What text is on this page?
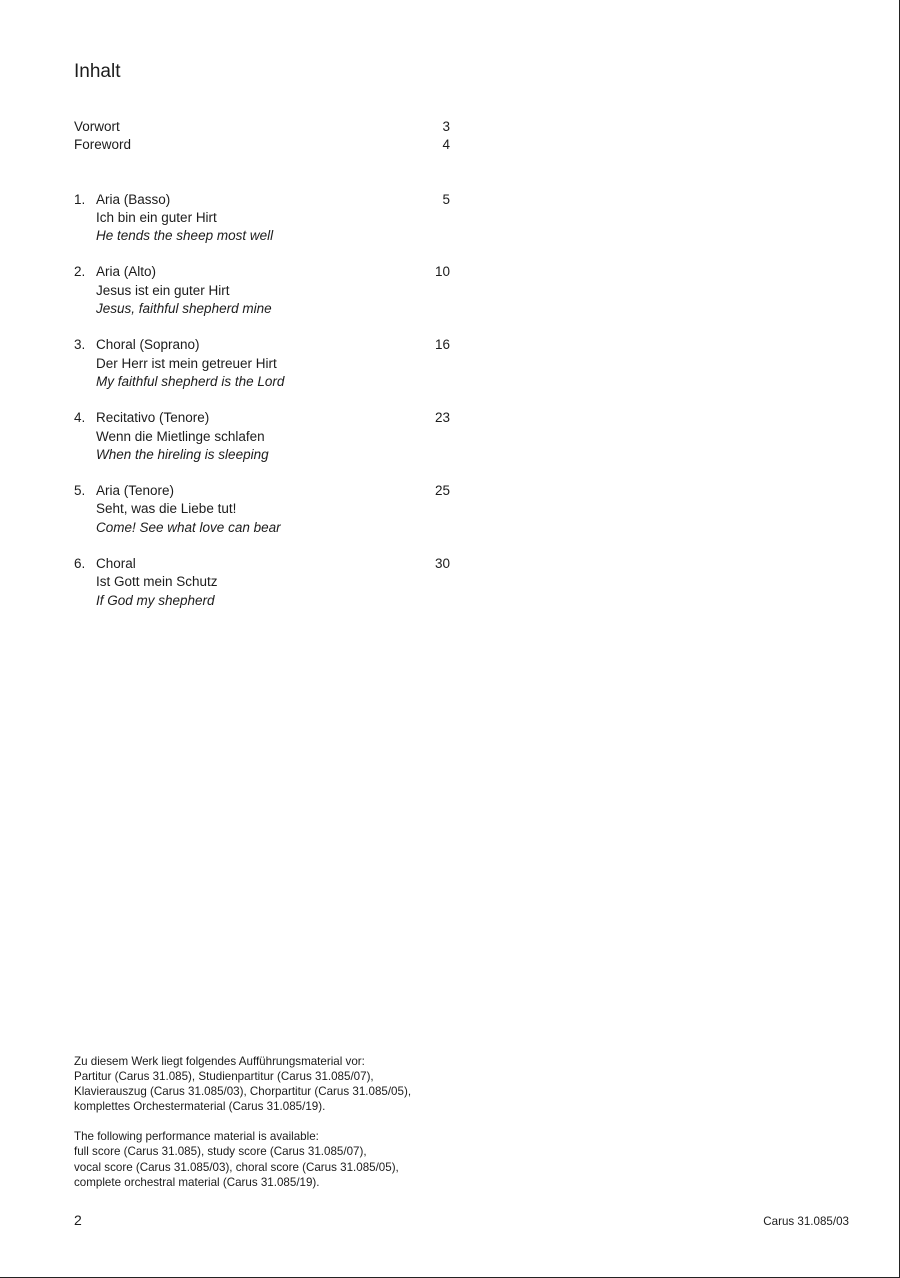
Inhalt
Vorwort	3
Foreword	4
1. Aria (Basso)	5
Ich bin ein guter Hirt
He tends the sheep most well
2. Aria (Alto)	10
Jesus ist ein guter Hirt
Jesus, faithful shepherd mine
3. Choral (Soprano)	16
Der Herr ist mein getreuer Hirt
My faithful shepherd is the Lord
4. Recitativo (Tenore)	23
Wenn die Mietlinge schlafen
When the hireling is sleeping
5. Aria (Tenore)	25
Seht, was die Liebe tut!
Come! See what love can bear
6. Choral	30
Ist Gott mein Schutz
If God my shepherd

Zu diesem Werk liegt folgendes Aufführungsmaterial vor:
Partitur (Carus 31.085), Studienpartitur (Carus 31.085/07),
Klavierauszug (Carus 31.085/03), Chorpartitur (Carus 31.085/05),
komplettes Orchestermaterial (Carus 31.085/19).

The following performance material is available:
full score (Carus 31.085), study score (Carus 31.085/07),
vocal score (Carus 31.085/03), choral score (Carus 31.085/05),
complete orchestral material (Carus 31.085/19).

2	Carus 31.085/03
